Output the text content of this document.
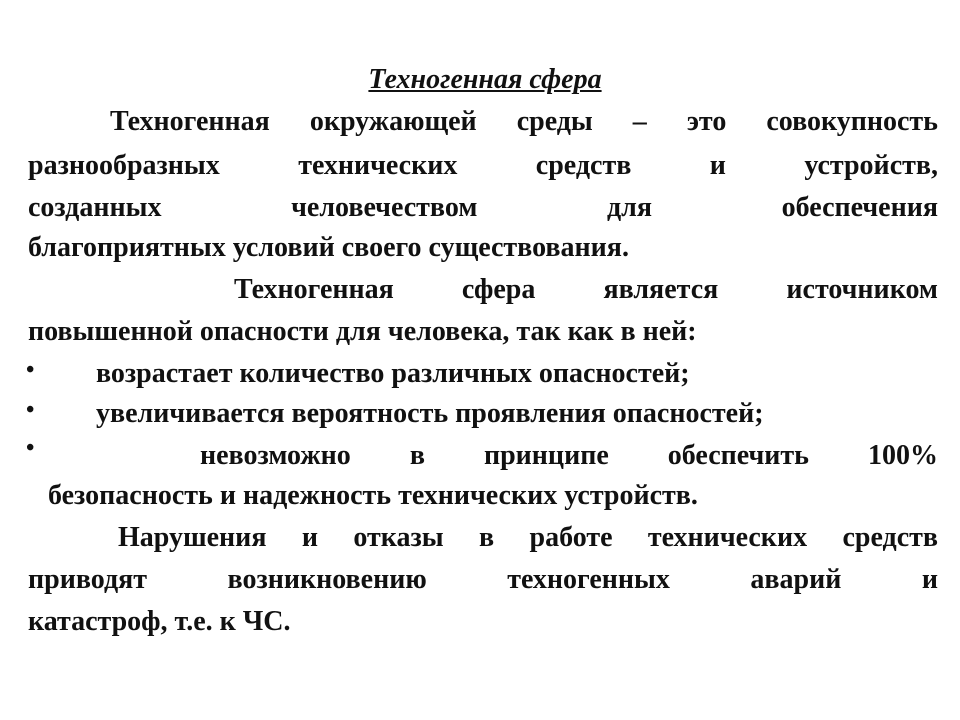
Техногенная сфера
Техногенная окружающей среды – это совокупность
разнообразных технических средств и устройств,
созданных человечеством для обеспечения
благоприятных условий своего существования.
Техногенная сфера является источником
повышенной опасности для человека, так как в ней:
• возрастает количество различных опасностей;
• увеличивается вероятность проявления опасностей;
•	невозможно в принципе обеспечить 100%
безопасность и надежность технических устройств.
Нарушения и отказы в работе технических средств
приводят возникновению техногенных аварий и
катастроф, т.е. к ЧС.
